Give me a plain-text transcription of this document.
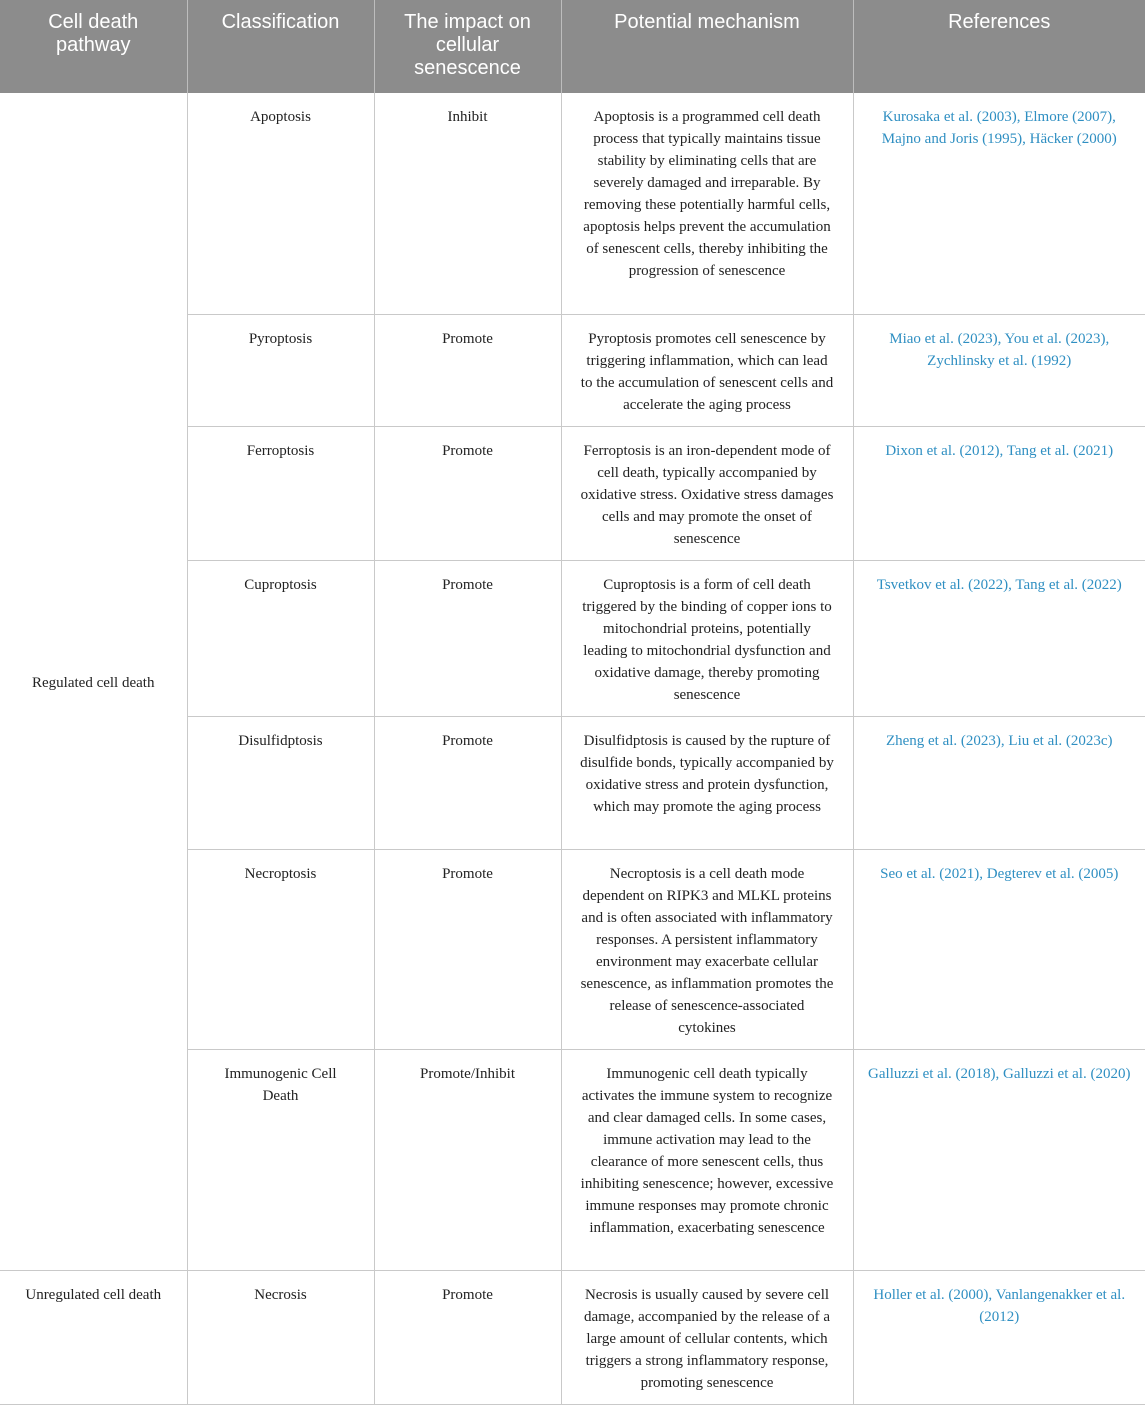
Cell death pathway	Classification	The impact on cellular senescence	Potential mechanism	References
Regulated cell death	Apoptosis	Inhibit	Apoptosis is a programmed cell death process that typically maintains tissue stability by eliminating cells that are severely damaged and irreparable. By removing these potentially harmful cells, apoptosis helps prevent the accumulation of senescent cells, thereby inhibiting the progression of senescence	Kurosaka et al. (2003), Elmore (2007), Majno and Joris (1995), Häcker (2000)
	Pyroptosis	Promote	Pyroptosis promotes cell senescence by triggering inflammation, which can lead to the accumulation of senescent cells and accelerate the aging process	Miao et al. (2023), You et al. (2023), Zychlinsky et al. (1992)
	Ferroptosis	Promote	Ferroptosis is an iron-dependent mode of cell death, typically accompanied by oxidative stress. Oxidative stress damages cells and may promote the onset of senescence	Dixon et al. (2012), Tang et al. (2021)
	Cuproptosis	Promote	Cuproptosis is a form of cell death triggered by the binding of copper ions to mitochondrial proteins, potentially leading to mitochondrial dysfunction and oxidative damage, thereby promoting senescence	Tsvetkov et al. (2022), Tang et al. (2022)
	Disulfidptosis	Promote	Disulfidptosis is caused by the rupture of disulfide bonds, typically accompanied by oxidative stress and protein dysfunction, which may promote the aging process	Zheng et al. (2023), Liu et al. (2023c)
	Necroptosis	Promote	Necroptosis is a cell death mode dependent on RIPK3 and MLKL proteins and is often associated with inflammatory responses. A persistent inflammatory environment may exacerbate cellular senescence, as inflammation promotes the release of senescence-associated cytokines	Seo et al. (2021), Degterev et al. (2005)
	Immunogenic Cell Death	Promote/Inhibit	Immunogenic cell death typically activates the immune system to recognize and clear damaged cells. In some cases, immune activation may lead to the clearance of more senescent cells, thus inhibiting senescence; however, excessive immune responses may promote chronic inflammation, exacerbating senescence	Galluzzi et al. (2018), Galluzzi et al. (2020)
Unregulated cell death	Necrosis	Promote	Necrosis is usually caused by severe cell damage, accompanied by the release of a large amount of cellular contents, which triggers a strong inflammatory response, promoting senescence	Holler et al. (2000), Vanlangenakker et al. (2012)
